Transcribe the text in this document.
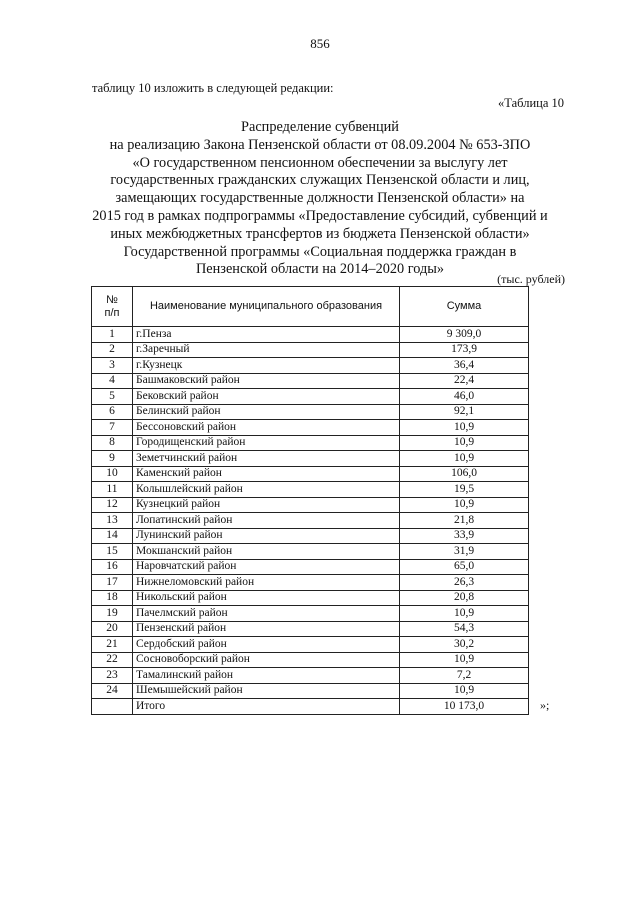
856
таблицу 10 изложить в следующей редакции:
«Таблица 10
Распределение субвенций
на реализацию Закона Пензенской области от 08.09.2004 № 653-ЗПО
«О государственном пенсионном обеспечении за выслугу лет
государственных гражданских служащих Пензенской области и лиц,
замещающих государственные должности Пензенской области» на
2015 год в рамках подпрограммы «Предоставление субсидий, субвенций и
иных межбюджетных трансфертов из бюджета Пензенской области»
Государственной программы «Социальная поддержка граждан в
Пензенской области на 2014–2020 годы»
(тыс. рублей)
№
п/п	Наименование муниципального образования	Сумма
1	г.Пенза	9 309,0
2	г.Заречный	173,9
3	г.Кузнецк	36,4
4	Башмаковский район	22,4
5	Бековский район	46,0
6	Белинский район	92,1
7	Бессоновский район	10,9
8	Городищенский район	10,9
9	Земетчинский район	10,9
10	Каменский район	106,0
11	Колышлейский район	19,5
12	Кузнецкий район	10,9
13	Лопатинский район	21,8
14	Лунинский район	33,9
15	Мокшанский район	31,9
16	Наровчатский район	65,0
17	Нижнеломовский район	26,3
18	Никольский район	20,8
19	Пачелмский район	10,9
20	Пензенский район	54,3
21	Сердобский район	30,2
22	Сосновоборский район	10,9
23	Тамалинский район	7,2
24	Шемышейский район	10,9
	Итого	10 173,0	»;
